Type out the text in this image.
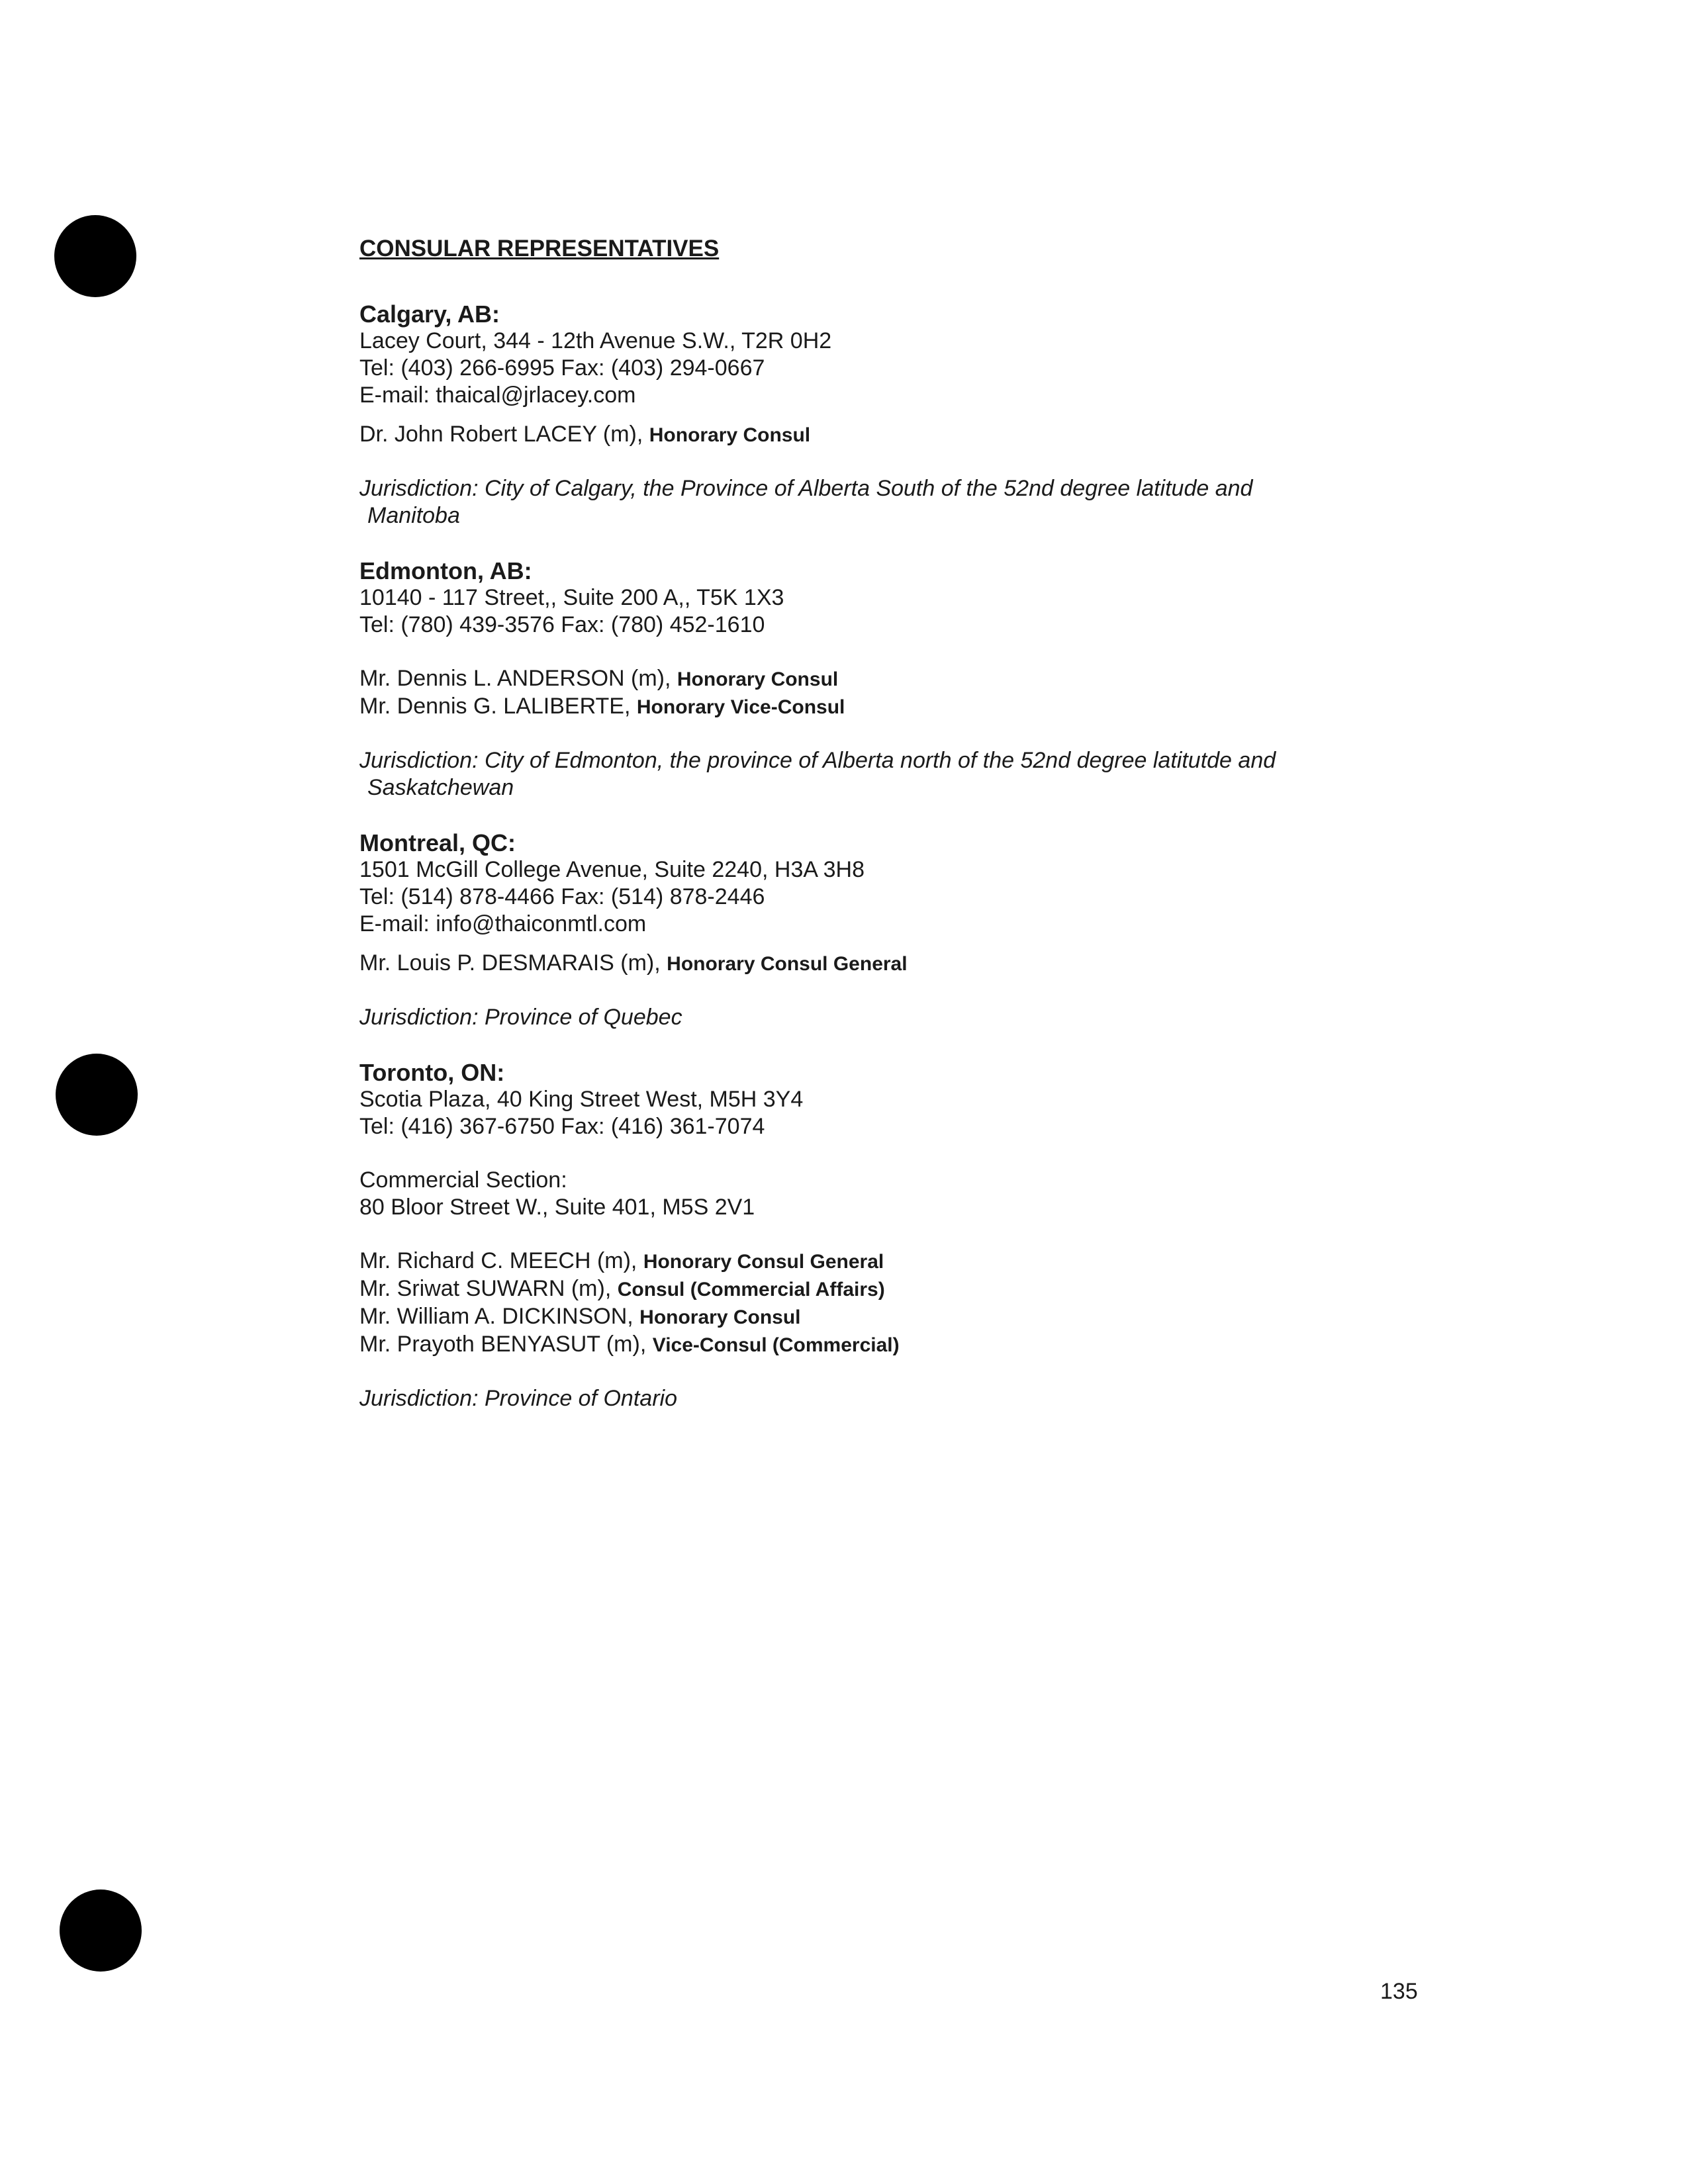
CONSULAR REPRESENTATIVES
Calgary, AB:
Lacey Court, 344 - 12th Avenue S.W., T2R 0H2
Tel: (403) 266-6995 Fax: (403) 294-0667
E-mail: thaical@jrlacey.com
Dr. John Robert LACEY (m), Honorary Consul
Jurisdiction: City of Calgary, the Province of Alberta South of the 52nd degree latitude and
Manitoba
Edmonton, AB:
10140 - 117 Street,, Suite 200 A,, T5K 1X3
Tel: (780) 439-3576 Fax: (780) 452-1610
Mr. Dennis L. ANDERSON (m), Honorary Consul
Mr. Dennis G. LALIBERTE, Honorary Vice-Consul
Jurisdiction: City of Edmonton, the province of Alberta north of the 52nd degree latitutde and
Saskatchewan
Montreal, QC:
1501 McGill College Avenue, Suite 2240, H3A 3H8
Tel: (514) 878-4466 Fax: (514) 878-2446
E-mail: info@thaiconmtl.com
Mr. Louis P. DESMARAIS (m), Honorary Consul General
Jurisdiction: Province of Quebec
Toronto, ON:
Scotia Plaza, 40 King Street West, M5H 3Y4
Tel: (416) 367-6750 Fax: (416) 361-7074
Commercial Section:
80 Bloor Street W., Suite 401, M5S 2V1
Mr. Richard C. MEECH (m), Honorary Consul General
Mr. Sriwat SUWARN (m), Consul (Commercial Affairs)
Mr. William A. DICKINSON, Honorary Consul
Mr. Prayoth BENYASUT (m), Vice-Consul (Commercial)
Jurisdiction: Province of Ontario
135
